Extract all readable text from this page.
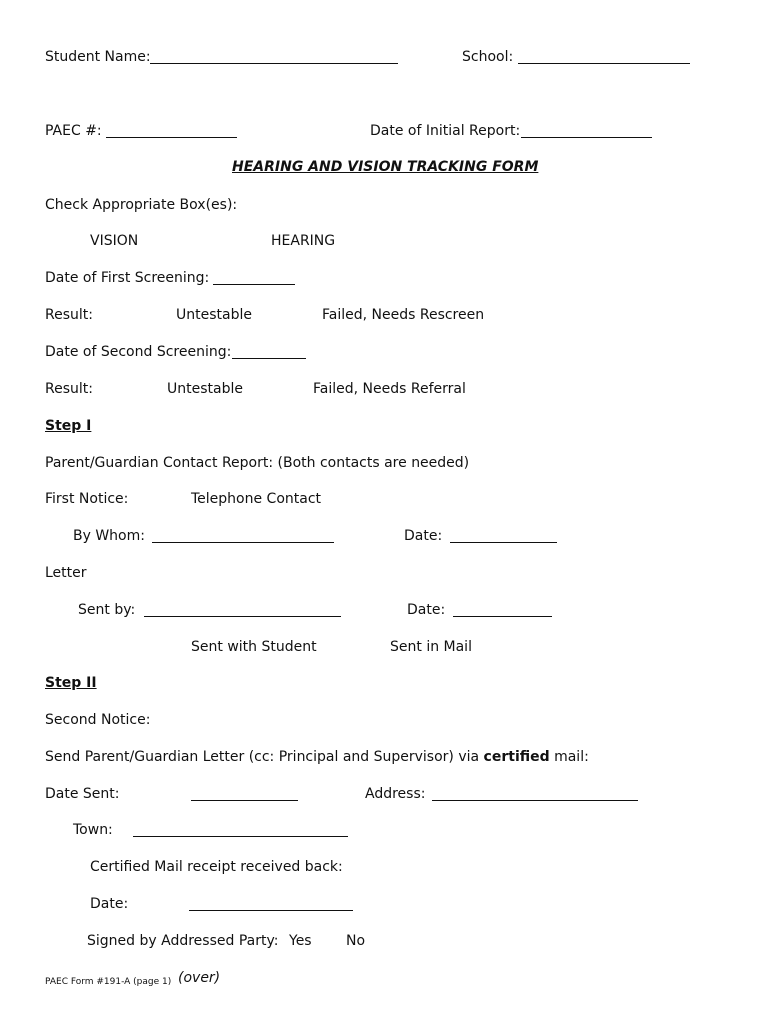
Student Name:	School:
PAEC #:	Date of Initial Report:
HEARING AND VISION TRACKING FORM
Check Appropriate Box(es):
VISION	HEARING
Date of First Screening:
Result:	Untestable	Failed, Needs Rescreen
Date of Second Screening:
Result:	Untestable	Failed, Needs Referral
Step I
Parent/Guardian Contact Report: (Both contacts are needed)
First Notice:	Telephone Contact
By Whom:	Date:
Letter
Sent by:	Date:
Sent with Student	Sent in Mail
Step II
Second Notice:
Send Parent/Guardian Letter (cc: Principal and Supervisor) via certified mail:
Date Sent:	Address:
Town:
Certified Mail receipt received back:
Date:
Signed by Addressed Party: Yes No
PAEC Form #191-A (page 1) (over)
